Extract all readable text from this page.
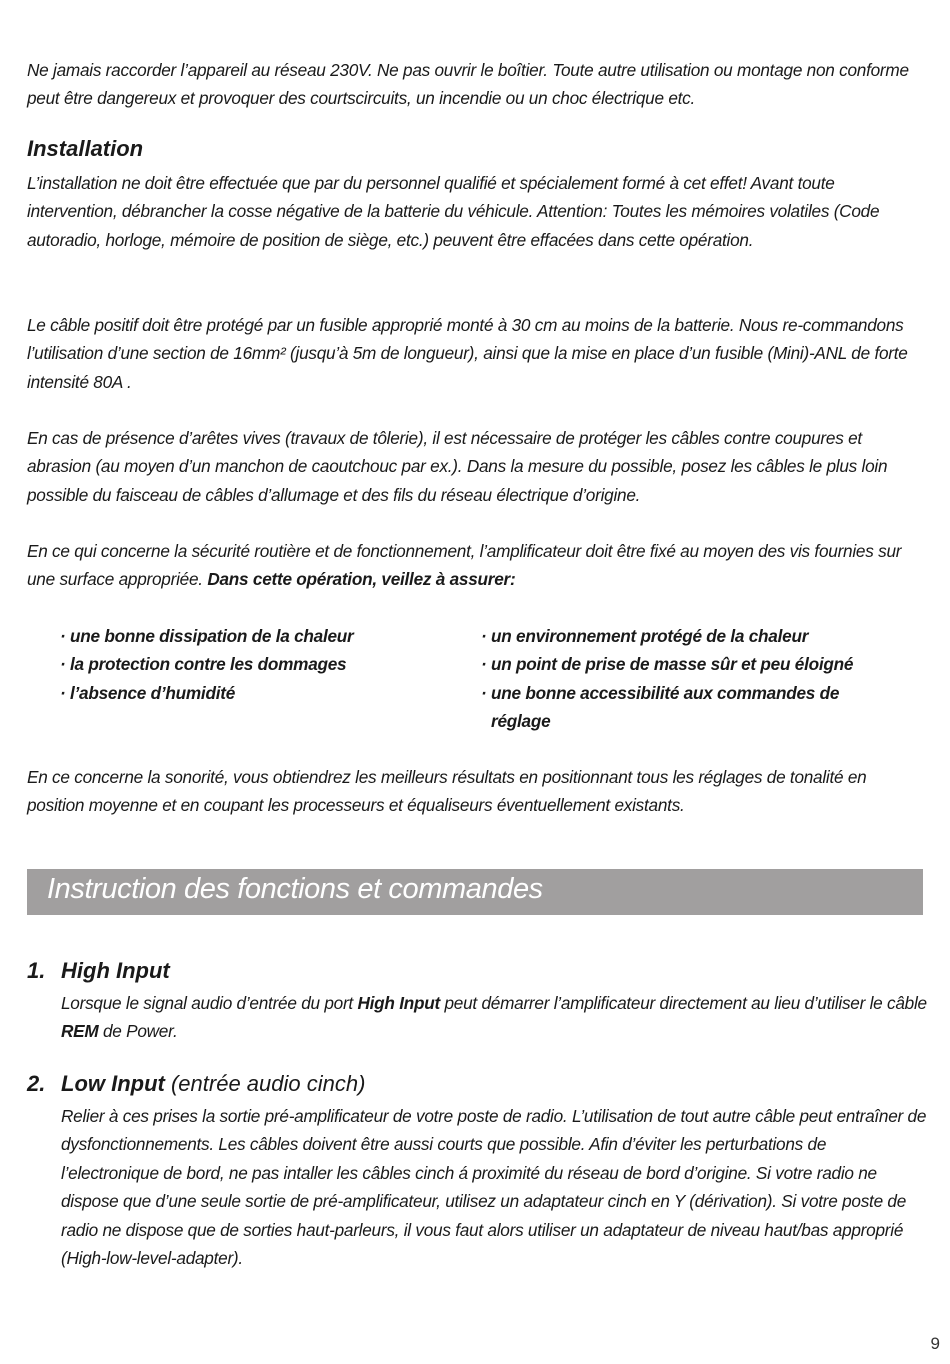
Ne jamais raccorder l’appareil au réseau 230V. Ne pas ouvrir le boîtier. Toute autre utilisation ou montage non conforme peut être dangereux et provoquer des courtscircuits, un incendie ou un choc électrique etc.

Installation

L’installation ne doit être effectuée que par du personnel qualifié et spécialement formé à cet effet! Avant toute intervention, débrancher la cosse négative de la batterie du véhicule. Attention: Toutes les mémoires volatiles (Code autoradio, horloge, mémoire de position de siège, etc.) peuvent être effacées dans cette opération.

Le câble positif doit être protégé par un fusible approprié monté à 30 cm au moins de la batterie. Nous re-commandons l’utilisation d’une section de 16mm² (jusqu’à 5m de longueur), ainsi que la mise en place d’un fusible (Mini)-ANL de forte intensité 80A .

En cas de présence d’arêtes vives (travaux de tôlerie), il est nécessaire de protéger les câbles contre coupures et abrasion (au moyen d’un manchon de caoutchouc par ex.). Dans la mesure du possible, posez les câbles le plus loin possible du faisceau de câbles d’allumage et des fils du réseau électrique d’origine.

En ce qui concerne la sécurité routière et de fonctionnement, l’amplificateur doit être fixé au moyen des vis fournies sur une surface appropriée. Dans cette opération, veillez à assurer:

· une bonne dissipation de la chaleur
· la protection contre les dommages
· l’absence d’humidité
· un environnement protégé de la chaleur
· un point de prise de masse sûr et peu éloigné
· une bonne accessibilité aux commandes de réglage

En ce concerne la sonorité, vous obtiendrez les meilleurs résultats en positionnant tous les réglages de tonalité en position moyenne et en coupant les processeurs et équaliseurs éventuellement existants.

Instruction des fonctions et commandes
1. High Input

Lorsque le signal audio d’entrée du port High Input peut démarrer l’amplificateur directement au lieu d’utiliser le câble REM de Power.

2. Low Input (entrée audio cinch)

Relier à ces prises la sortie pré-amplificateur de votre poste de radio. L’utilisation de tout autre câble peut entraîner de dysfonctionnements. Les câbles doivent être aussi courts que possible. Afin d’éviter les perturbations de l’electronique de bord, ne pas intaller les câbles cinch á proximité du réseau de bord d’origine. Si votre radio ne dispose que d’une seule sortie de pré-amplificateur, utilisez un adaptateur cinch en Y (dérivation). Si votre poste de radio ne dispose que de sorties haut-parleurs, il vous faut alors utiliser un adaptateur de niveau haut/bas approprié (High-low-level-adapter).

9
